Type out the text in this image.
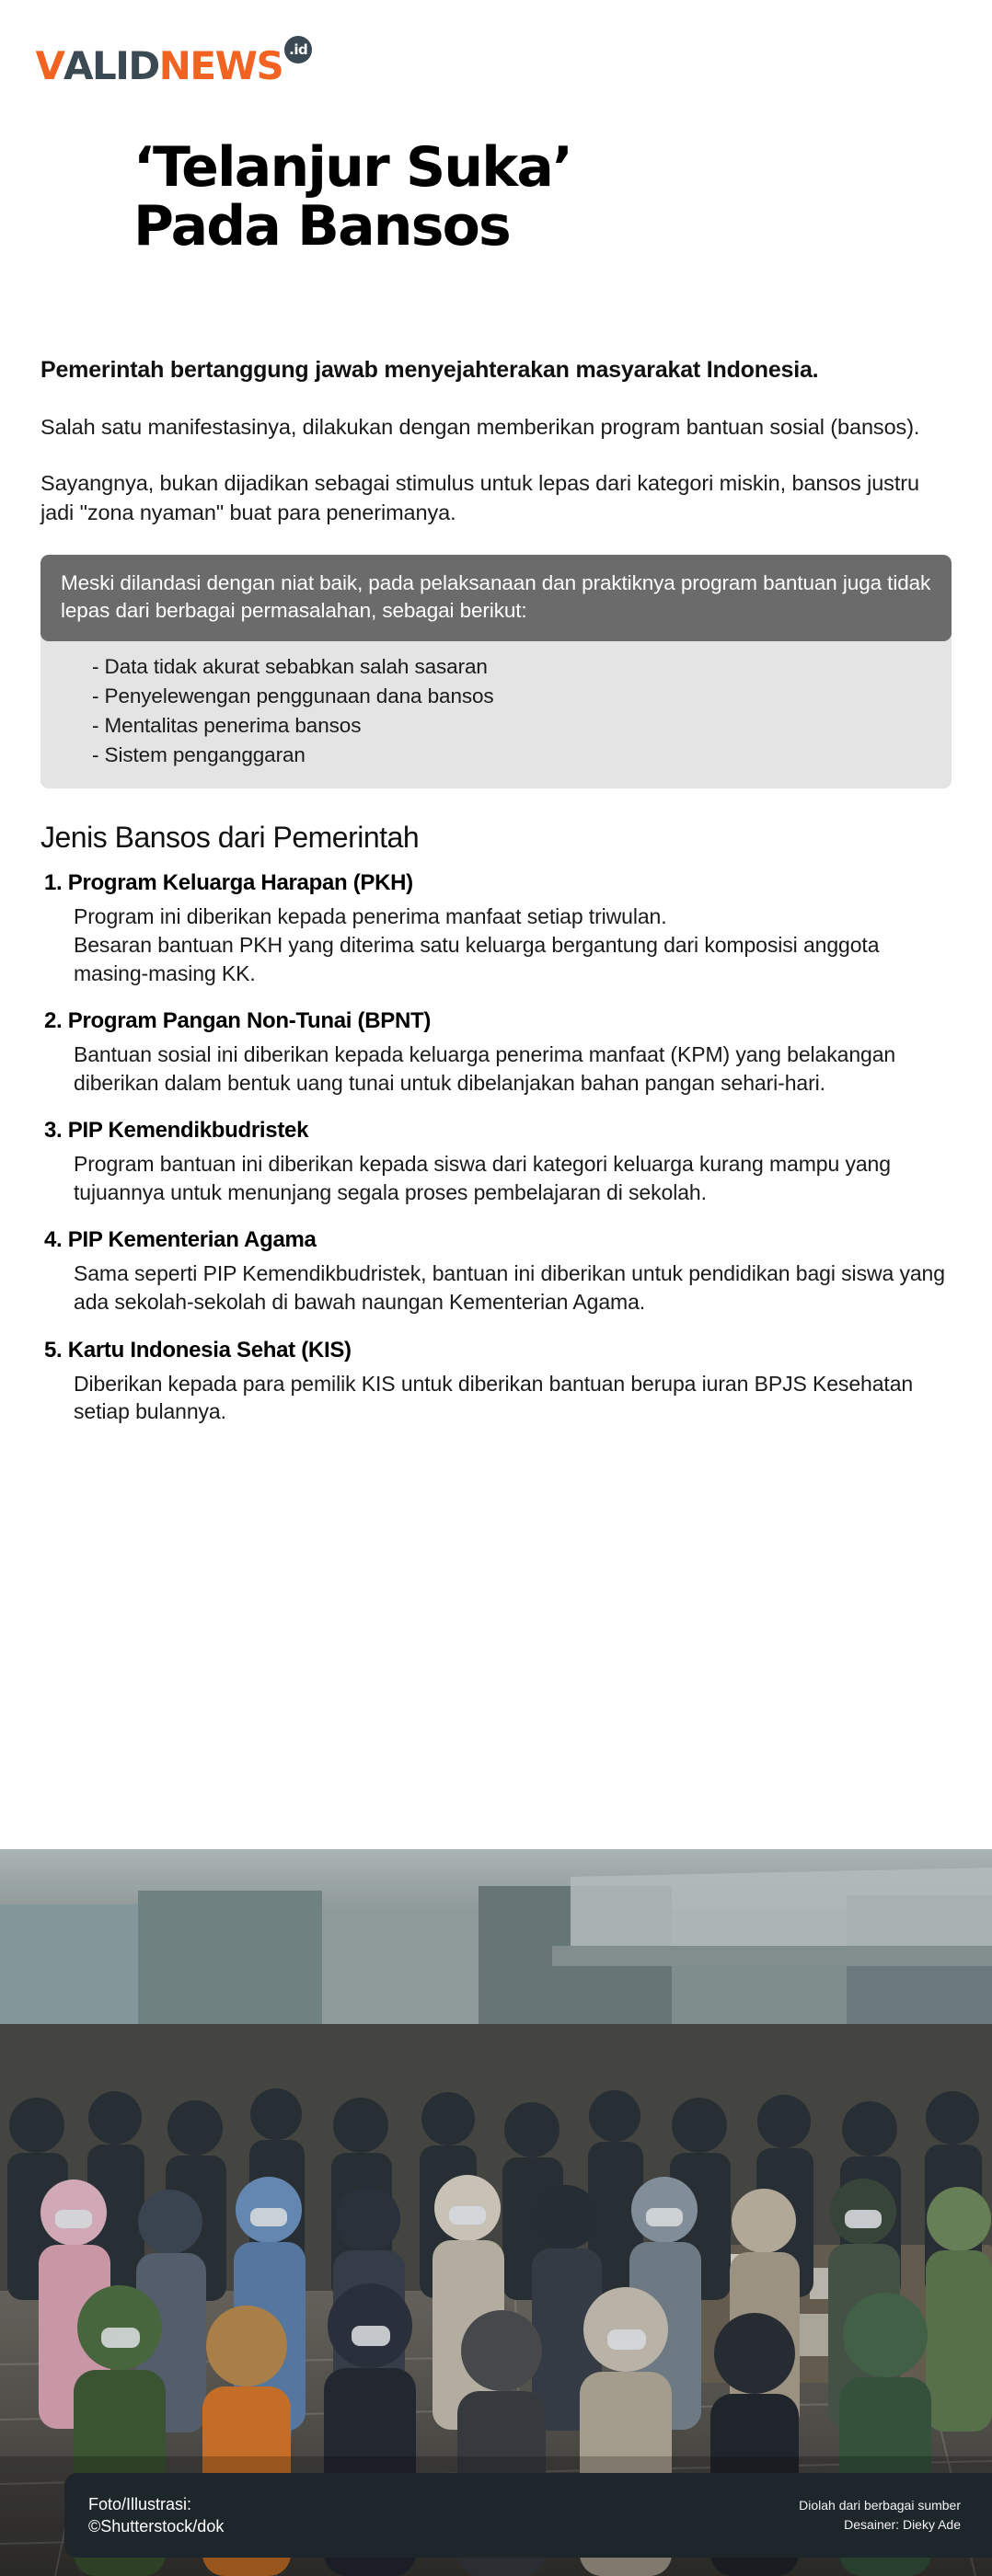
V ALID NEWS .id
‘Telanjur Suka’
Pada Bansos

Pemerintah bertanggung jawab menyejahterakan masyarakat Indonesia.

Salah satu manifestasinya, dilakukan dengan memberikan program bantuan sosial (bansos).

Sayangnya, bukan dijadikan sebagai stimulus untuk lepas dari kategori miskin, bansos justru jadi "zona nyaman" buat para penerimanya.

Meski dilandasi dengan niat baik, pada pelaksanaan dan praktiknya program bantuan juga tidak lepas dari berbagai permasalahan, sebagai berikut:
- Data tidak akurat sebabkan salah sasaran
- Penyelewengan penggunaan dana bansos
- Mentalitas penerima bansos
- Sistem penganggaran
Jenis Bansos dari Pemerintah
1. Program Keluarga Harapan (PKH)
Program ini diberikan kepada penerima manfaat setiap triwulan.
Besaran bantuan PKH yang diterima satu keluarga bergantung dari komposisi anggota masing-masing KK.
2. Program Pangan Non-Tunai (BPNT)
Bantuan sosial ini diberikan kepada keluarga penerima manfaat (KPM) yang belakangan diberikan dalam bentuk uang tunai untuk dibelanjakan bahan pangan sehari-hari.
3. PIP Kemendikbudristek
Program bantuan ini diberikan kepada siswa dari kategori keluarga kurang mampu yang tujuannya untuk menunjang segala proses pembelajaran di sekolah.
4. PIP Kementerian Agama
Sama seperti PIP Kemendikbudristek, bantuan ini diberikan untuk pendidikan bagi siswa yang ada sekolah-sekolah di bawah naungan Kementerian Agama.
5. Kartu Indonesia Sehat (KIS)
Diberikan kepada para pemilik KIS untuk diberikan bantuan berupa iuran BPJS Kesehatan setiap bulannya.
Foto/Illustrasi:
©Shutterstock/dok
Diolah dari berbagai sumber
Desainer: Dieky Ade
